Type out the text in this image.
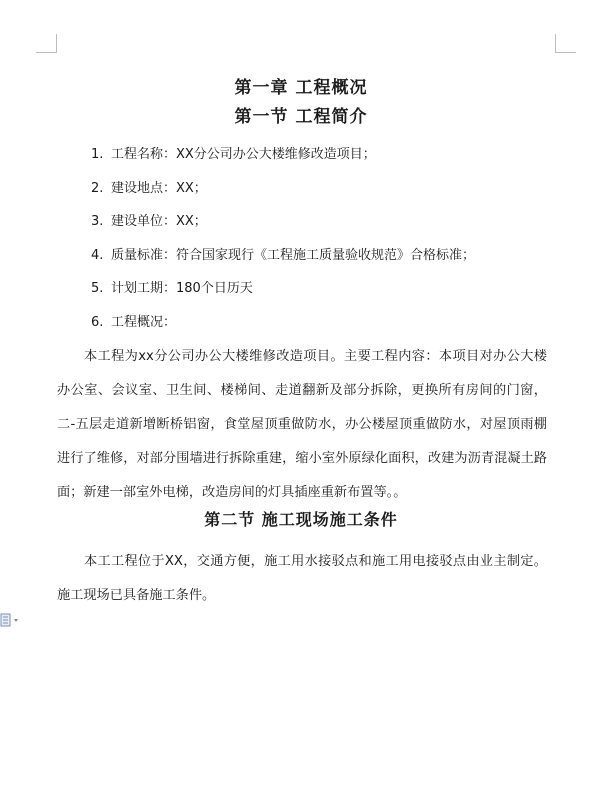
第一章 工程概况
第一节 工程简介
1. 工程名称：XX分公司办公大楼维修改造项目；
2. 建设地点：XX；
3. 建设单位：XX；
4. 质量标准：符合国家现行《工程施工质量验收规范》合格标准；
5. 计划工期：180个日历天
6. 工程概况：

本工程为xx分公司办公大楼维修改造项目。主要工程内容：本项目对办公大楼办公室、会议室、卫生间、楼梯间、走道翻新及部分拆除，更换所有房间的门窗，二-五层走道新增断桥铝窗，食堂屋顶重做防水，办公楼屋顶重做防水，对屋顶雨棚进行了维修，对部分围墙进行拆除重建，缩小室外原绿化面积，改建为沥青混凝土路面；新建一部室外电梯，改造房间的灯具插座重新布置等。。

第二节 施工现场施工条件

本工工程位于XX，交通方便，施工用水接驳点和施工用电接驳点由业主制定。施工现场已具备施工条件。
